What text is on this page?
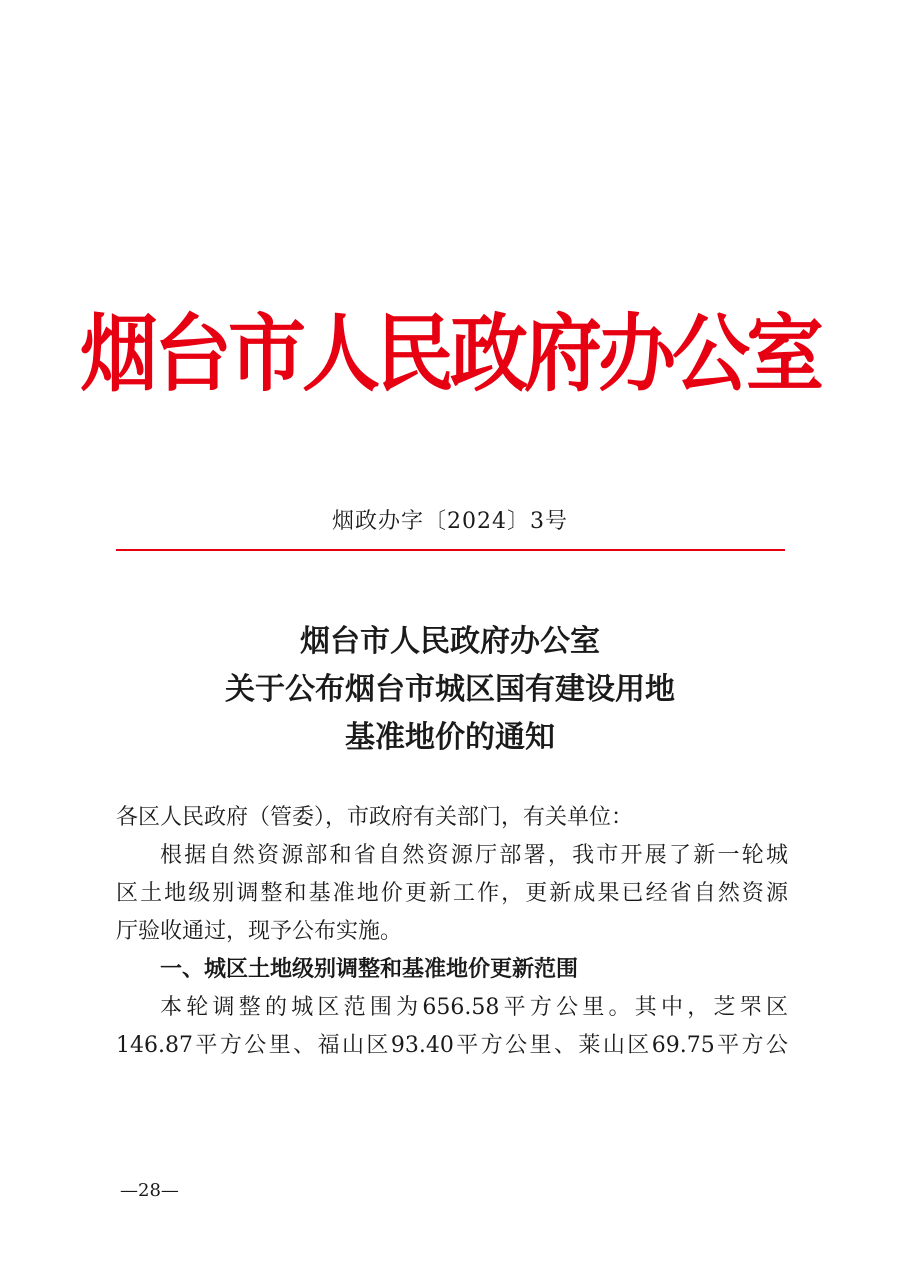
烟台市人民政府办公室
烟政办字〔2024〕3号
烟台市人民政府办公室
关于公布烟台市城区国有建设用地
基准地价的通知
各区人民政府（管委），市政府有关部门，有关单位：
根据自然资源部和省自然资源厅部署，我市开展了新一轮城
区土地级别调整和基准地价更新工作，更新成果已经省自然资源
厅验收通过，现予公布实施。
一、城区土地级别调整和基准地价更新范围
本轮调整的城区范围为656.58平方公里。其中，芝罘区
146.87平方公里、福山区93.40平方公里、莱山区69.75平方公
—28—
